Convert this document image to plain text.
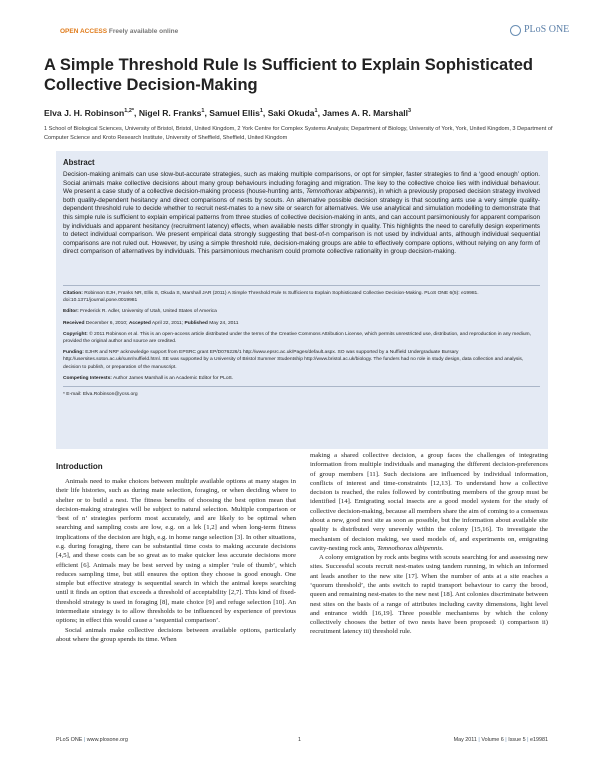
OPEN ACCESS Freely available online	PLoS ONE
A Simple Threshold Rule Is Sufficient to Explain Sophisticated Collective Decision-Making
Elva J. H. Robinson$^{1,2*}$, Nigel R. Franks$^1$, Samuel Ellis$^1$, Saki Okuda$^1$, James A. R. Marshall$^3$
1 School of Biological Sciences, University of Bristol, Bristol, United Kingdom, 2 York Centre for Complex Systems Analysis; Department of Biology, University of York, York, United Kingdom, 3 Department of Computer Science and Kroto Research Institute, University of Sheffield, Sheffield, United Kingdom
Abstract
Decision-making animals can use slow-but-accurate strategies, such as making multiple comparisons, or opt for simpler, faster strategies to find a ‘good enough’ option. Social animals make collective decisions about many group behaviours including foraging and migration. The key to the collective choice lies with individual behaviour. We present a case study of a collective decision-making process (house-hunting ants, Temnothorax albipennis), in which a previously proposed decision strategy involved both quality-dependent hesitancy and direct comparisons of nests by scouts. An alternative possible decision strategy is that scouting ants use a very simple quality-dependent threshold rule to decide whether to recruit nest-mates to a new site or search for alternatives. We use analytical and simulation modelling to demonstrate that this simple rule is sufficient to explain empirical patterns from three studies of collective decision-making in ants, and can account parsimoniously for apparent comparison by individuals and apparent hesitancy (recruitment latency) effects, when available nests differ strongly in quality. This highlights the need to carefully design experiments to detect individual comparison. We present empirical data strongly suggesting that best-of-n comparison is not used by individual ants, although individual sequential comparisons are not ruled out. However, by using a simple threshold rule, decision-making groups are able to effectively compare options, without relying on any form of direct comparison of alternatives by individuals. This parsimonious mechanism could promote collective rationality in group decision-making.

Citation: Robinson EJH, Franks NR, Ellis S, Okuda S, Marshall JAR (2011) A Simple Threshold Rule Is Sufficient to Explain Sophisticated Collective Decision-Making. PLoS ONE 6(5): e19981. doi:10.1371/journal.pone.0019981

Editor: Frederick R. Adler, University of Utah, United States of America

Received December 6, 2010; Accepted April 22, 2011; Published May 24, 2011

Copyright: © 2011 Robinson et al. This is an open-access article distributed under the terms of the Creative Commons Attribution License, which permits unrestricted use, distribution, and reproduction in any medium, provided the original author and source are credited.

Funding: EJHR and NRF acknowledge support from EPSRC grant EP/D076226/1 http://www.epsrc.ac.uk/Pages/default.aspx. SO was supported by a Nuffield Undergraduate Bursary http://usersites.soton.ac.uk/sunr/nuffield.html. SE was supported by a University of Bristol Summer Studentship http://www.bristol.ac.uk/biology. The funders had no role in study design, data collection and analysis, decision to publish, or preparation of the manuscript.

Competing Interests: Author James Marshall is an Academic Editor for PLoS.

* E-mail: Elva.Robinson@ycss.org

Introduction

Animals need to make choices between multiple available options at many stages in their life histories, such as during mate selection, foraging, or when deciding where to shelter or to build a nest. The fitness benefits of choosing the best option mean that decision-making strategies will be subject to natural selection. Multiple comparison or ‘best of n’ strategies perform most accurately, and are likely to be optimal when searching and sampling costs are low, e.g. on a lek [1,2] and when long-term fitness implications of the decision are high, e.g. in home range selection [3]. In other situations, e.g. during foraging, there can be substantial time costs to making accurate decisions [4,5], and these costs can be so great as to make quicker less accurate decisions more efficient [6]. Animals may be best served by using a simpler ‘rule of thumb’, which reduces sampling time, but still ensures the option they choose is good enough. One simple but effective strategy is sequential search in which the animal keeps searching until it finds an option that exceeds a threshold of acceptability [2,7]. This kind of fixed-threshold strategy is used in foraging [8], mate choice [9] and refuge selection [10]. An intermediate strategy is to allow thresholds to be influenced by experience of previous options; in effect this would cause a ‘sequential comparison’.

Social animals make collective decisions between available options, particularly about where the group spends its time. When

making a shared collective decision, a group faces the challenges of integrating information from multiple individuals and managing the different decision-preferences of group members [11]. Such decisions are influenced by individual information, conflicts of interest and time-constraints [12,13]. To understand how a collective decision is reached, the rules followed by contributing members of the group must be identified [14]. Emigrating social insects are a good model system for the study of collective decision-making, because all members share the aim of coming to a consensus about a new, good nest site as soon as possible, but the information about available site quality is distributed very unevenly within the colony [15,16]. To investigate the mechanism of decision making, we used models of, and experiments on, emigrating cavity-nesting rock ants, Temnothorax albipennis.

A colony emigration by rock ants begins with scouts searching for and assessing new sites. Successful scouts recruit nest-mates using tandem running, in which an informed ant leads another to the new site [17]. When the number of ants at a site reaches a ‘quorum threshold’, the ants switch to rapid transport behaviour to carry the brood, queen and remaining nest-mates to the new nest [18]. Ant colonies discriminate between nest sites on the basis of a range of attributes including cavity dimensions, light level and entrance width [16,19]. Three possible mechanisms by which the colony collectively chooses the better of two nests have been proposed: i) comparison ii) recruitment latency iii) threshold rule.

PLoS ONE | www.plosone.org	1	May 2011 | Volume 6 | Issue 5 | e19981
